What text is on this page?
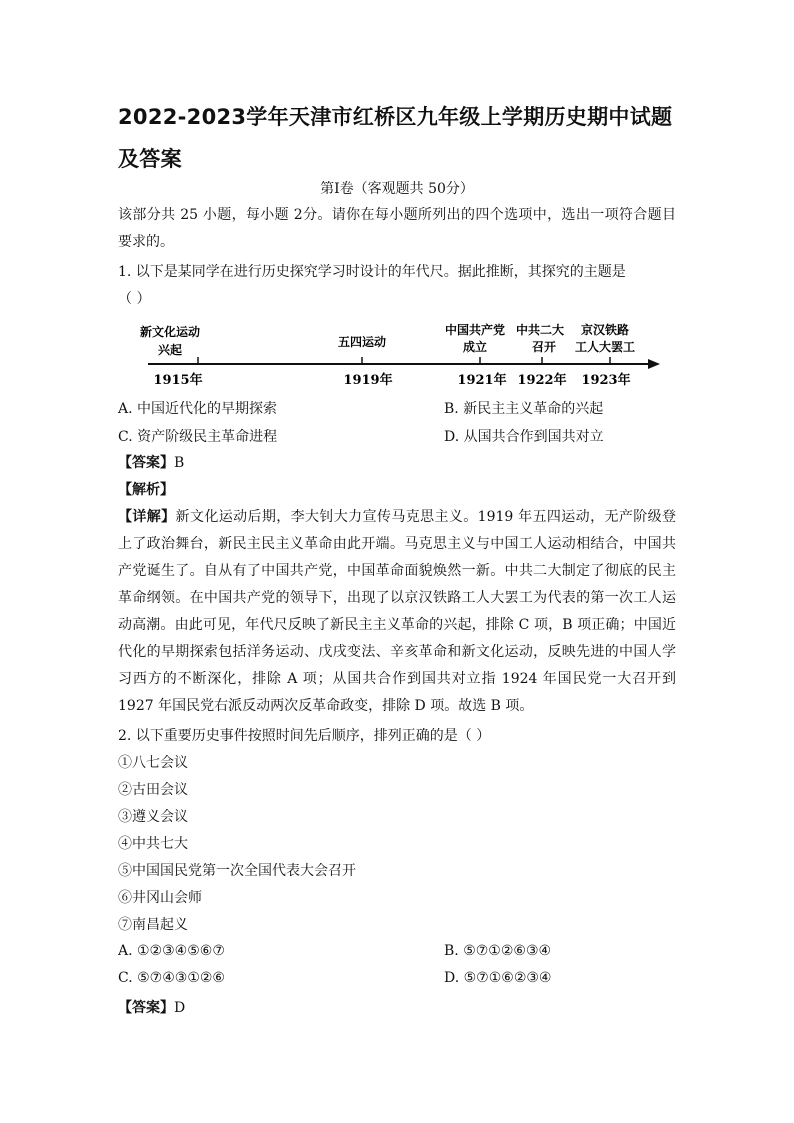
2022-2023学年天津市红桥区九年级上学期历史期中试题及答案
第Ⅰ卷（客观题共 50分）
该部分共 25 小题，每小题 2分。请你在每小题所列出的四个选项中，选出一项符合题目要求的。
1. 以下是某同学在进行历史探究学习时设计的年代尺。据此推断，其探究的主题是
（ ）
新文化运动
兴起
五四运动
中国共产党
成立
中共二大
召开
京汉铁路
工人大罢工
1915年	1919年	1921年 1922年 1923年
A. 中国近代化的早期探索	B. 新民主主义革命的兴起
C. 资产阶级民主革命进程	D. 从国共合作到国共对立
【答案】B
【解析】
【详解】新文化运动后期，李大钊大力宣传马克思主义。1919 年五四运动，无产阶级登上了政治舞台，新民主民主义革命由此开端。马克思主义与中国工人运动相结合，中国共产党诞生了。自从有了中国共产党，中国革命面貌焕然一新。中共二大制定了彻底的民主革命纲领。在中国共产党的领导下，出现了以京汉铁路工人大罢工为代表的第一次工人运动高潮。由此可见，年代尺反映了新民主主义革命的兴起，排除 C 项，B 项正确；中国近代化的早期探索包括洋务运动、戊戌变法、辛亥革命和新文化运动，反映先进的中国人学习西方的不断深化，排除 A 项；从国共合作到国共对立指 1924 年国民党一大召开到 1927 年国民党右派反动两次反革命政变，排除 D 项。故选 B 项。
2. 以下重要历史事件按照时间先后顺序，排列正确的是（ ）
①八七会议
②古田会议
③遵义会议
④中共七大
⑤中国国民党第一次全国代表大会召开
⑥井冈山会师
⑦南昌起义
A. ①②③④⑤⑥⑦	B. ⑤⑦①②⑥③④
C. ⑤⑦④③①②⑥	D. ⑤⑦①⑥②③④
【答案】D
